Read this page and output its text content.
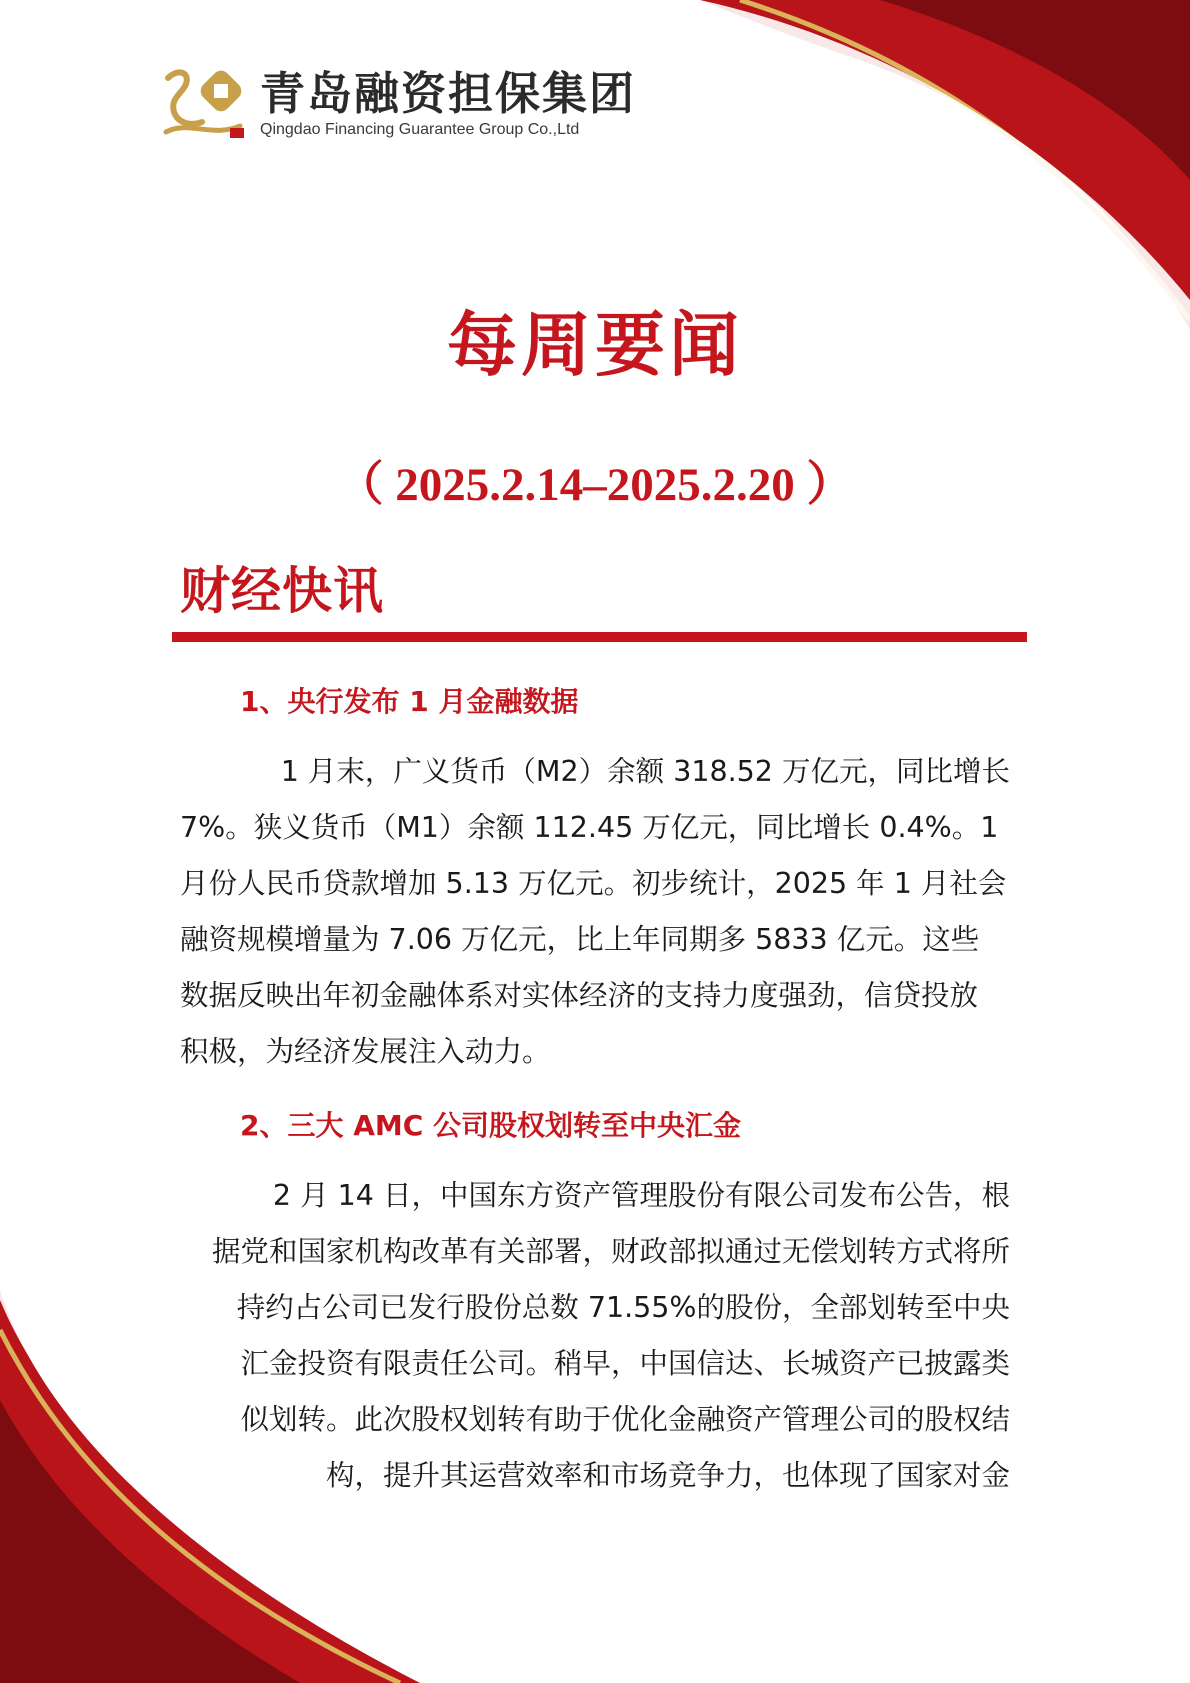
青岛融资担保集团
Qingdao Financing Guarantee Group Co.,Ltd
每周要闻
（ 2025.2.14–2025.2.20 ）
财经快讯
1、央行发布 1 月金融数据
1 月末，广义货币（M2）余额 318.52 万亿元，同比增长
7%。狭义货币（M1）余额 112.45 万亿元，同比增长 0.4%。1
月份人民币贷款增加 5.13 万亿元。初步统计，2025 年 1 月社会
融资规模增量为 7.06 万亿元，比上年同期多 5833 亿元。这些
数据反映出年初金融体系对实体经济的支持力度强劲，信贷投放
积极，为经济发展注入动力。
2、三大 AMC 公司股权划转至中央汇金
2 月 14 日，中国东方资产管理股份有限公司发布公告，根
据党和国家机构改革有关部署，财政部拟通过无偿划转方式将所
持约占公司已发行股份总数 71.55%的股份，全部划转至中央
汇金投资有限责任公司。稍早，中国信达、长城资产已披露类
似划转。此次股权划转有助于优化金融资产管理公司的股权结
构，提升其运营效率和市场竞争力，也体现了国家对金
